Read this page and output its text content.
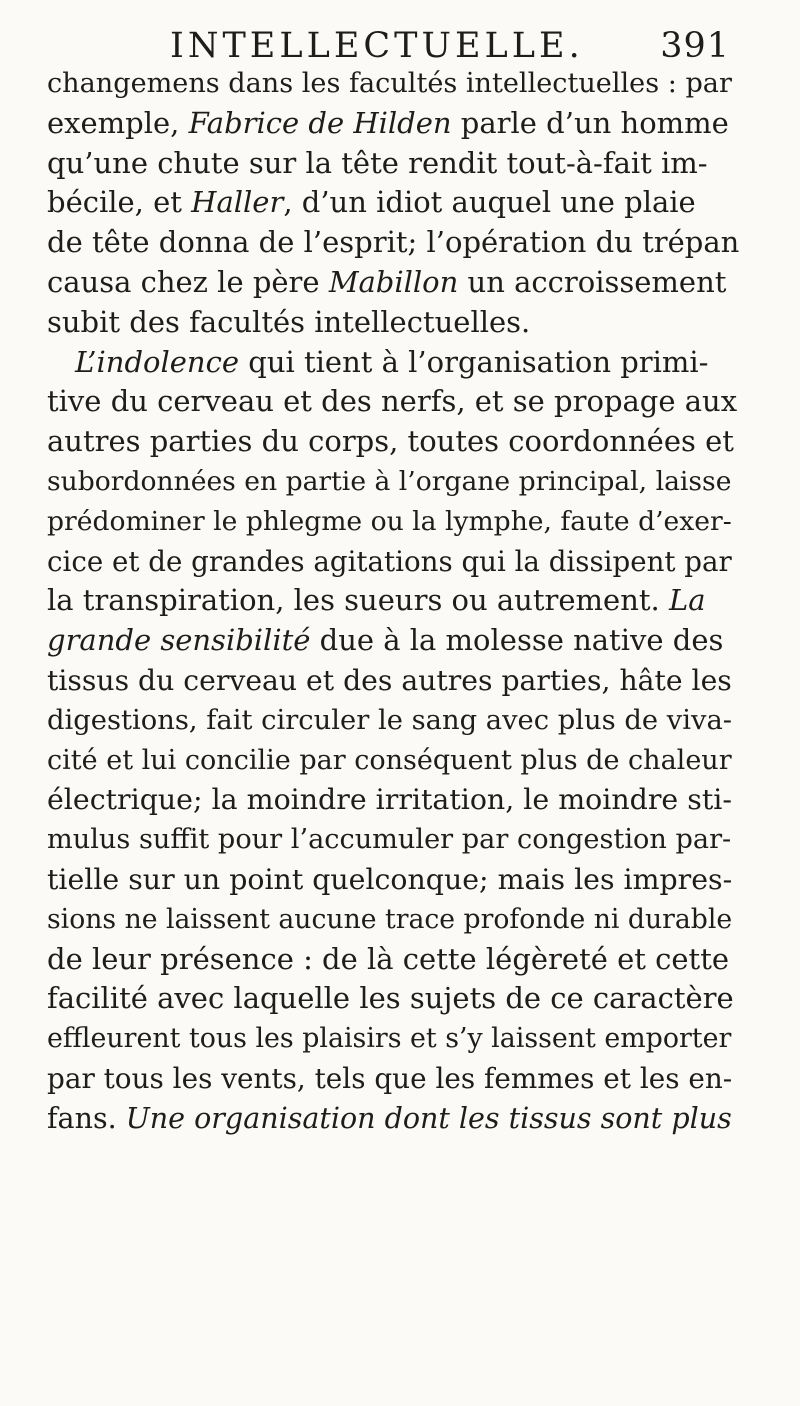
INTELLECTUELLE. 391
changemens dans les facultés intellectuelles : par
exemple, Fabrice de Hilden parle d’un homme
qu’une chute sur la tête rendit tout-à-fait im-
bécile, et Haller, d’un idiot auquel une plaie
de tête donna de l’esprit; l’opération du trépan
causa chez le père Mabillon un accroissement
subit des facultés intellectuelles.
L’indolence qui tient à l’organisation primi-
tive du cerveau et des nerfs, et se propage aux
autres parties du corps, toutes coordonnées et
subordonnées en partie à l’organe principal, laisse
prédominer le phlegme ou la lymphe, faute d’exer-
cice et de grandes agitations qui la dissipent par
la transpiration, les sueurs ou autrement. La
grande sensibilité due à la molesse native des
tissus du cerveau et des autres parties, hâte les
digestions, fait circuler le sang avec plus de viva-
cité et lui concilie par conséquent plus de chaleur
électrique; la moindre irritation, le moindre sti-
mulus suffit pour l’accumuler par congestion par-
tielle sur un point quelconque; mais les impres-
sions ne laissent aucune trace profonde ni durable
de leur présence : de là cette légèreté et cette
facilité avec laquelle les sujets de ce caractère
effleurent tous les plaisirs et s’y laissent emporter
par tous les vents, tels que les femmes et les en-
fans. Une organisation dont les tissus sont plus
